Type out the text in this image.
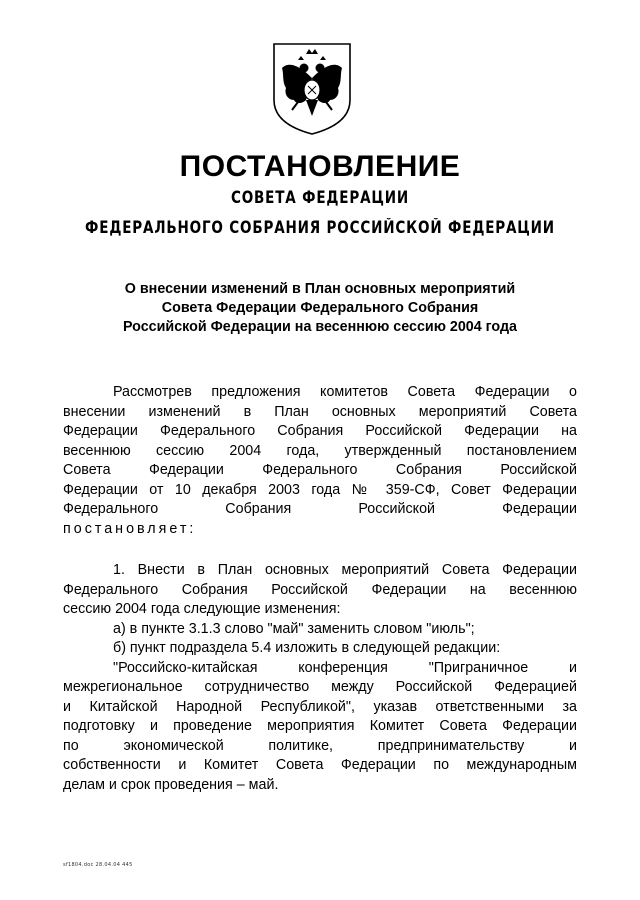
ПОСТАНОВЛЕНИЕ
СОВЕТА ФЕДЕРАЦИИ
ФЕДЕРАЛЬНОГО СОБРАНИЯ РОССИЙСКОЙ ФЕДЕРАЦИИ
О внесении изменений в План основных мероприятий
Совета Федерации Федерального Собрания
Российской Федерации на весеннюю сессию 2004 года
Рассмотрев предложения комитетов Совета Федерации о
внесении изменений в План основных мероприятий Совета
Федерации Федерального Собрания Российской Федерации на
весеннюю сессию 2004 года, утвержденный постановлением
Совета Федерации Федерального Собрания Российской
Федерации от 10 декабря 2003 года № 359-СФ, Совет Федерации
Федерального Собрания Российской Федерации
постановляет:
1. Внести в План основных мероприятий Совета Федерации
Федерального Собрания Российской Федерации на весеннюю
сессию 2004 года следующие изменения:
а) в пункте 3.1.3 слово "май" заменить словом "июль";
б) пункт подраздела 5.4 изложить в следующей редакции:
"Российско-китайская конференция "Приграничное и
межрегиональное сотрудничество между Российской Федерацией
и Китайской Народной Республикой", указав ответственными за
подготовку и проведение мероприятия Комитет Совета Федерации
по экономической политике, предпринимательству и
собственности и Комитет Совета Федерации по международным
делам и срок проведения – май.
sf1804.doc 28.04.04 445
